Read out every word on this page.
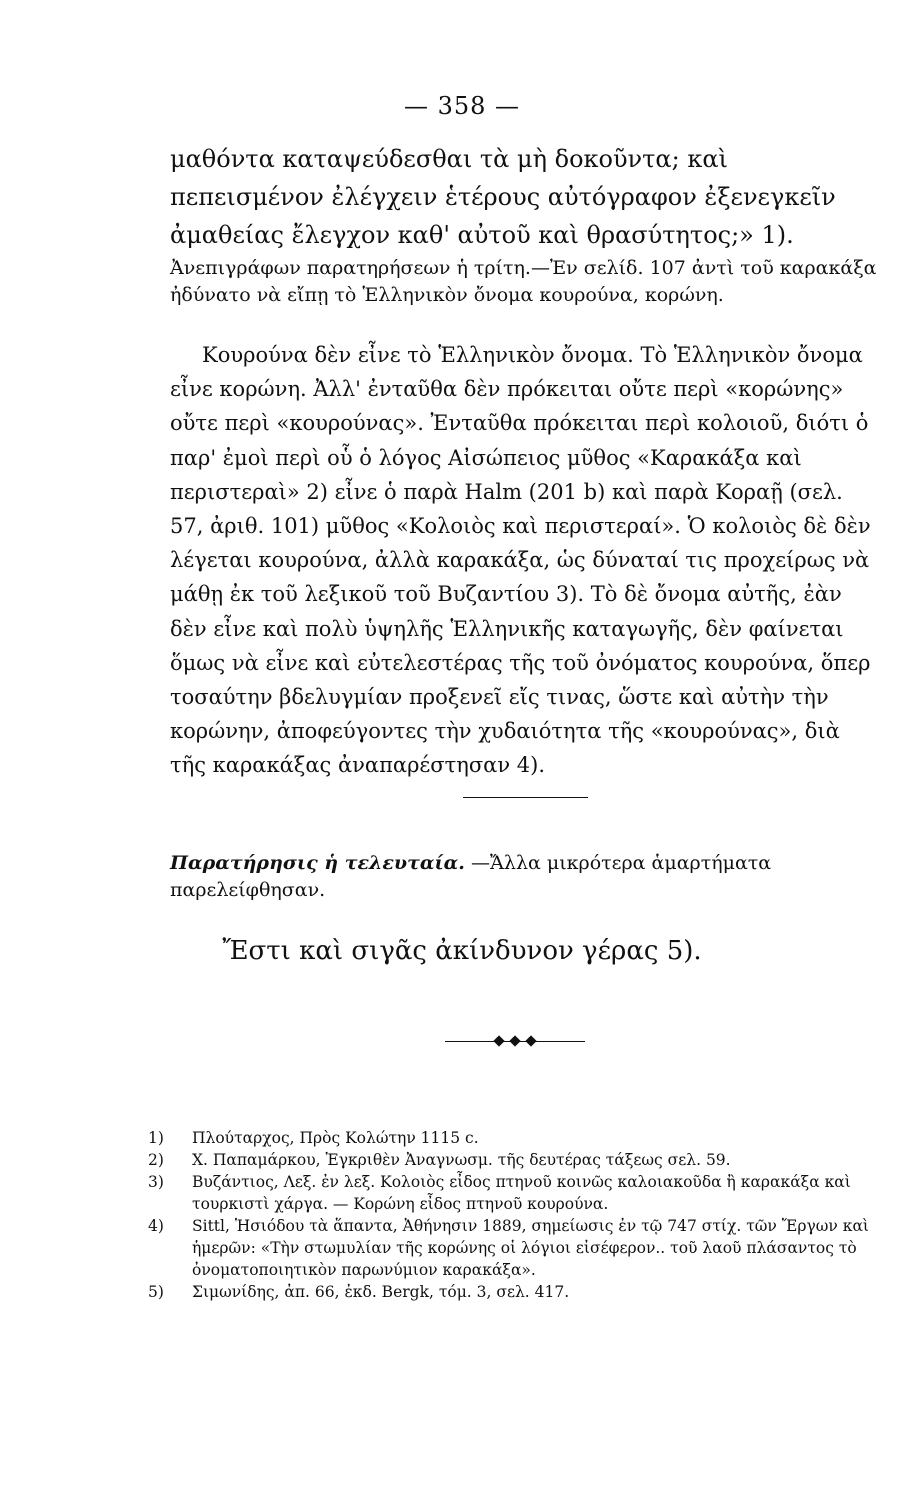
— 358 —
μαθόντα καταψεύδεσθαι τὰ μὴ δοκοῦντα; καὶ πεπεισμένον ἐλέγχειν ἑτέρους αὐτόγραφον ἐξενεγκεῖν ἀμαθείας ἔλεγχον καθ' αὐτοῦ καὶ θρασύτητος;» 1).
Ἀνεπιγράφων παρατηρήσεων ἡ τρίτη.—Ἐν σελίδ. 107 ἀντὶ τοῦ καρακάξα ἠδύνατο νὰ εἴπῃ τὸ Ἑλληνικὸν ὄνομα κουρούνα, κορώνη.
Κουρούνα δὲν εἶνε τὸ Ἑλληνικὸν ὄνομα. Τὸ Ἑλληνικὸν ὄνομα εἶνε κορώνη. Ἀλλ' ἐνταῦθα δὲν πρόκειται οὔτε περὶ «κορώνης» οὔτε περὶ «κουρούνας». Ἐνταῦθα πρόκειται περὶ κολοιοῦ, διότι ὁ παρ' ἐμοὶ περὶ οὗ ὁ λόγος Αἰσώπειος μῦθος «Καρακάξα καὶ περιστεραὶ» 2) εἶνε ὁ παρὰ Halm (201 b) καὶ παρὰ Κοραῇ (σελ. 57, ἀριθ. 101) μῦθος «Κολοιὸς καὶ περιστεραί». Ὁ κολοιὸς δὲ δὲν λέγεται κουρούνα, ἀλλὰ καρακάξα, ὡς δύναταί τις προχείρως νὰ μάθῃ ἐκ τοῦ λεξικοῦ τοῦ Βυζαντίου 3). Τὸ δὲ ὄνομα αὐτῆς, ἐὰν δὲν εἶνε καὶ πολὺ ὑψηλῆς Ἑλληνικῆς καταγωγῆς, δὲν φαίνεται ὅμως νὰ εἶνε καὶ εὐτελεστέρας τῆς τοῦ ὀνόματος κουρούνα, ὅπερ τοσαύτην βδελυγμίαν προξενεῖ εἴς τινας, ὥστε καὶ αὐτὴν τὴν κορώνην, ἀποφεύγοντες τὴν χυδαιότητα τῆς «κουρούνας», διὰ τῆς καρακάξας ἀναπαρέστησαν 4).
Παρατήρησις ἡ τελευταία. —Ἄλλα μικρότερα ἁμαρτήματα παρελείφθησαν.
Ἔστι καὶ σιγᾶς ἀκίνδυνον γέρας 5).

1) Πλούταρχος, Πρὸς Κολώτην 1115 c.

2) Χ. Παπαμάρκου, Ἐγκριθὲν Ἀναγνωσμ. τῆς δευτέρας τάξεως σελ. 59.

3) Βυζάντιος, Λεξ. ἐν λεξ. Κολοιὸς εἶδος πτηνοῦ κοινῶς καλοιακοῦδα ἢ καρακάξα καὶ τουρκιστὶ χάργα. — Κορώνη εἶδος πτηνοῦ κουρούνα.

4) Sittl, Ἡσιόδου τὰ ἅπαντα, Ἀθήνησιν 1889, σημείωσις ἐν τῷ 747 στίχ. τῶν Ἔργων καὶ ἡμερῶν: «Τὴν στωμυλίαν τῆς κορώνης οἱ λόγιοι εἰσέφερον.. τοῦ λαοῦ πλάσαντος τὸ ὀνοματοποιητικὸν παρωνύμιον καρακάξα».

5) Σιμωνίδης, ἀπ. 66, ἐκδ. Bergk, τόμ. 3, σελ. 417.
